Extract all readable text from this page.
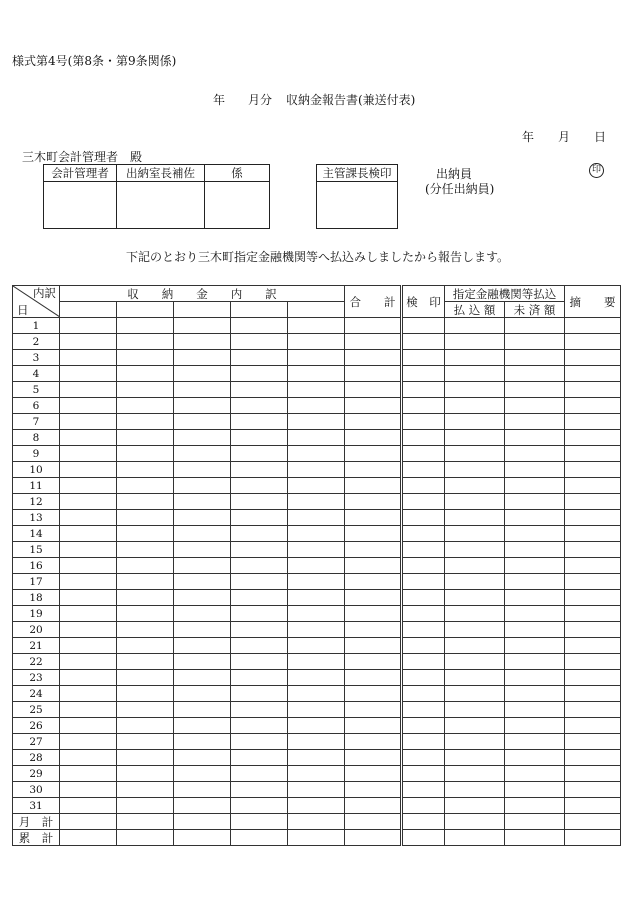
様式第4号(第8条・第9条関係)
年 月分 収納金報告書(兼送付表)
年 月 日
三木町会計管理者　殿
会計管理者	出納室長補佐	係
			主管課長検印	出納員
(分任出納員)
印
下記のとおり三木町指定金融機関等へ払込みしましたから報告します。
内訳
日	収　　納　　金　　内　　訳					合　　計	検　印	指定金融機関等払込		摘　　要
								払 込 額	未 済 額	
1										
2										
3										
4										
5										
6										
7										
8										
9										
10										
11										
12										
13										
14										
15										
16										
17										
18										
19										
20										
21										
22										
23										
24										
25										
26										
27										
28										
29										
30										
31										
月　計										
累　計										
